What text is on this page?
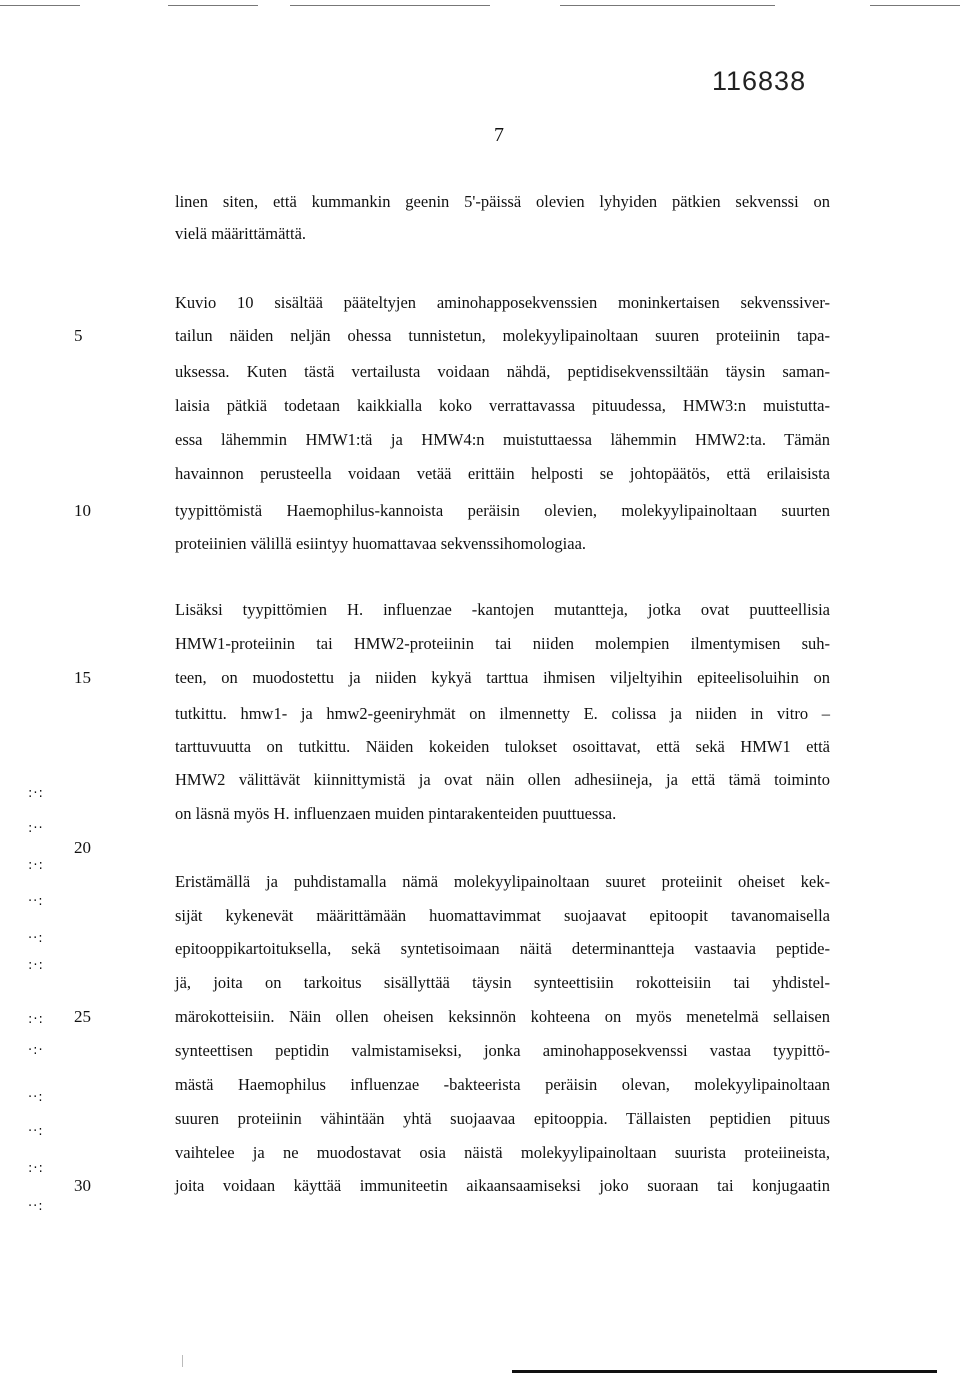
116838
7
linen siten, että kummankin geenin 5'-päissä olevien lyhyiden pätkien sekvenssi on
vielä määrittämättä.
Kuvio 10 sisältää pääteltyjen aminohapposekvenssien moninkertaisen sekvenssiver-
tailun näiden neljän ohessa tunnistetun, molekyylipainoltaan suuren proteiinin tapa-
uksessa. Kuten tästä vertailusta voidaan nähdä, peptidisekvenssiltään täysin saman-
laisia pätkiä todetaan kaikkialla koko verrattavassa pituudessa, HMW3:n muistutta-
essa lähemmin HMW1:tä ja HMW4:n muistuttaessa lähemmin HMW2:ta. Tämän
havainnon perusteella voidaan vetää erittäin helposti se johtopäätös, että erilaisista
tyypittömistä Haemophilus-kannoista peräisin olevien, molekyylipainoltaan suurten
proteiinien välillä esiintyy huomattavaa sekvenssihomologiaa.
Lisäksi tyypittömien H. influenzae -kantojen mutantteja, jotka ovat puutteellisia
HMW1-proteiinin tai HMW2-proteiinin tai niiden molempien ilmentymisen suh-
teen, on muodostettu ja niiden kykyä tarttua ihmisen viljeltyihin epiteelisoluihin on
tutkittu. hmw1- ja hmw2-geeniryhmät on ilmennetty E. colissa ja niiden in vitro –
tarttuvuutta on tutkittu. Näiden kokeiden tulokset osoittavat, että sekä HMW1 että
HMW2 välittävät kiinnittymistä ja ovat näin ollen adhesiineja, ja että tämä toiminto
on läsnä myös H. influenzaen muiden pintarakenteiden puuttuessa.
Eristämällä ja puhdistamalla nämä molekyylipainoltaan suuret proteiinit oheiset kek-
sijät kykenevät määrittämään huomattavimmat suojaavat epitoopit tavanomaisella
epitooppikartoituksella, sekä syntetisoimaan näitä determinantteja vastaavia peptide-
jä, joita on tarkoitus sisällyttää täysin synteettisiin rokotteisiin tai yhdistel-
märokotteisiin. Näin ollen oheisen keksinnön kohteena on myös menetelmä sellaisen
synteettisen peptidin valmistamiseksi, jonka aminohapposekvenssi vastaa tyypittö-
mästä Haemophilus influenzae -bakteerista peräisin olevan, molekyylipainoltaan
suuren proteiinin vähintään yhtä suojaavaa epitooppia. Tällaisten peptidien pituus
vaihtelee ja ne muodostavat osia näistä molekyylipainoltaan suurista proteiineista,
joita voidaan käyttää immuniteetin aikaansaamiseksi joko suoraan tai konjugaatin
5
10
15
20
25
30
:·:
:··
:·:
··:
··:
:·:
:·:
·:·
··:
··:
:·:
··:
